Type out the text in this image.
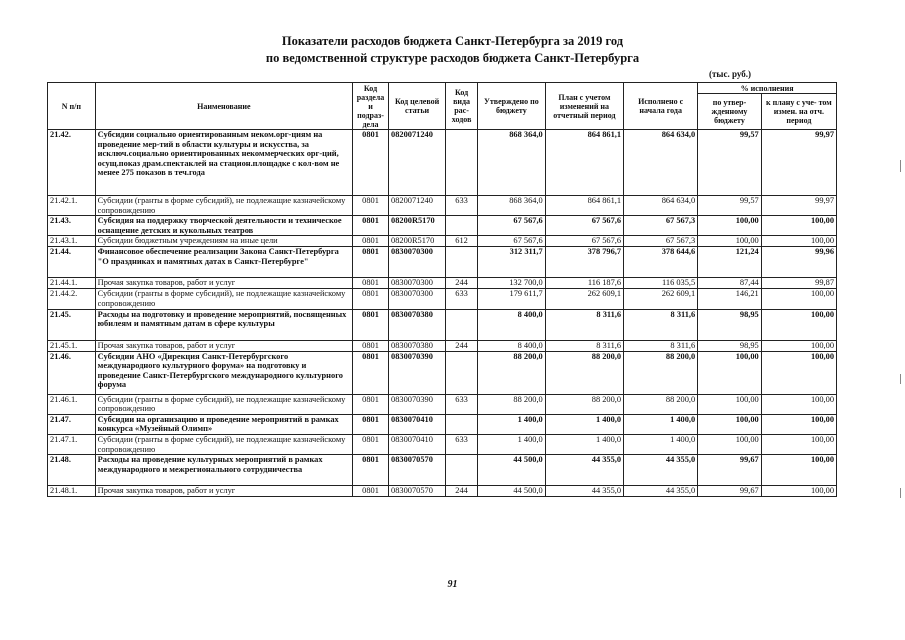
Показатели расходов бюджета Санкт-Петербурга за 2019 год
по ведомственной структуре расходов бюджета Санкт-Петербурга
(тыс. руб.)
N п/п	Наименование	Код раздела и подраз- дела	Код целевой статьи	Код вида рас- ходов	Утверждено по бюджету	План с учетом изменений на отчетный период	Исполнено с начала года	% исполнения	
								по утвер- жденному бюджету	к плану с уче- том измен. на отч. период
21.42.	Субсидии социально ориентированным неком.орг-циям на проведение мер-тий в области культуры и искусства, за исключ.социально ориентированных некоммерческих орг-ций, осущ.показ драм.спектаклей на стацион.площадке с кол-вом не менее 275 показов в теч.года	0801	0820071240		868 364,0	864 861,1	864 634,0	99,57	99,97
21.42.1.	Субсидии (гранты в форме субсидий), не подлежащие казначейскому сопровождению	0801	0820071240	633	868 364,0	864 861,1	864 634,0	99,57	99,97
21.43.	Субсидия на поддержку творческой деятельности и техническое оснащение детских и кукольных театров	0801	08200R5170		67 567,6	67 567,6	67 567,3	100,00	100,00
21.43.1.	Субсидии бюджетным учреждениям на иные цели	0801	08200R5170	612	67 567,6	67 567,6	67 567,3	100,00	100,00
21.44.	Финансовое обеспечение реализации Закона Санкт-Петербурга "О праздниках и памятных датах в Санкт-Петербурге"	0801	0830070300		312 311,7	378 796,7	378 644,6	121,24	99,96
21.44.1.	Прочая закупка товаров, работ и услуг	0801	0830070300	244	132 700,0	116 187,6	116 035,5	87,44	99,87
21.44.2.	Субсидии (гранты в форме субсидий), не подлежащие казначейскому сопровождению	0801	0830070300	633	179 611,7	262 609,1	262 609,1	146,21	100,00
21.45.	Расходы на подготовку и проведение мероприятий, посвященных юбилеям и памятным датам в сфере культуры	0801	0830070380		8 400,0	8 311,6	8 311,6	98,95	100,00
21.45.1.	Прочая закупка товаров, работ и услуг	0801	0830070380	244	8 400,0	8 311,6	8 311,6	98,95	100,00
21.46.	Субсидии АНО «Дирекция Санкт-Петербургского международного культурного форума» на подготовку и проведение Санкт-Петербургского международного культурного форума	0801	0830070390		88 200,0	88 200,0	88 200,0	100,00	100,00
21.46.1.	Субсидии (гранты в форме субсидий), не подлежащие казначейскому сопровождению	0801	0830070390	633	88 200,0	88 200,0	88 200,0	100,00	100,00
21.47.	Субсидии на организацию и проведение мероприятий в рамках конкурса «Музейный Олимп»	0801	0830070410		1 400,0	1 400,0	1 400,0	100,00	100,00
21.47.1.	Субсидии (гранты в форме субсидий), не подлежащие казначейскому сопровождению	0801	0830070410	633	1 400,0	1 400,0	1 400,0	100,00	100,00
21.48.	Расходы на проведение культурных мероприятий в рамках международного и межрегионального сотрудничества	0801	0830070570		44 500,0	44 355,0	44 355,0	99,67	100,00
21.48.1.	Прочая закупка товаров, работ и услуг	0801	0830070570	244	44 500,0	44 355,0	44 355,0	99,67	100,00
91
